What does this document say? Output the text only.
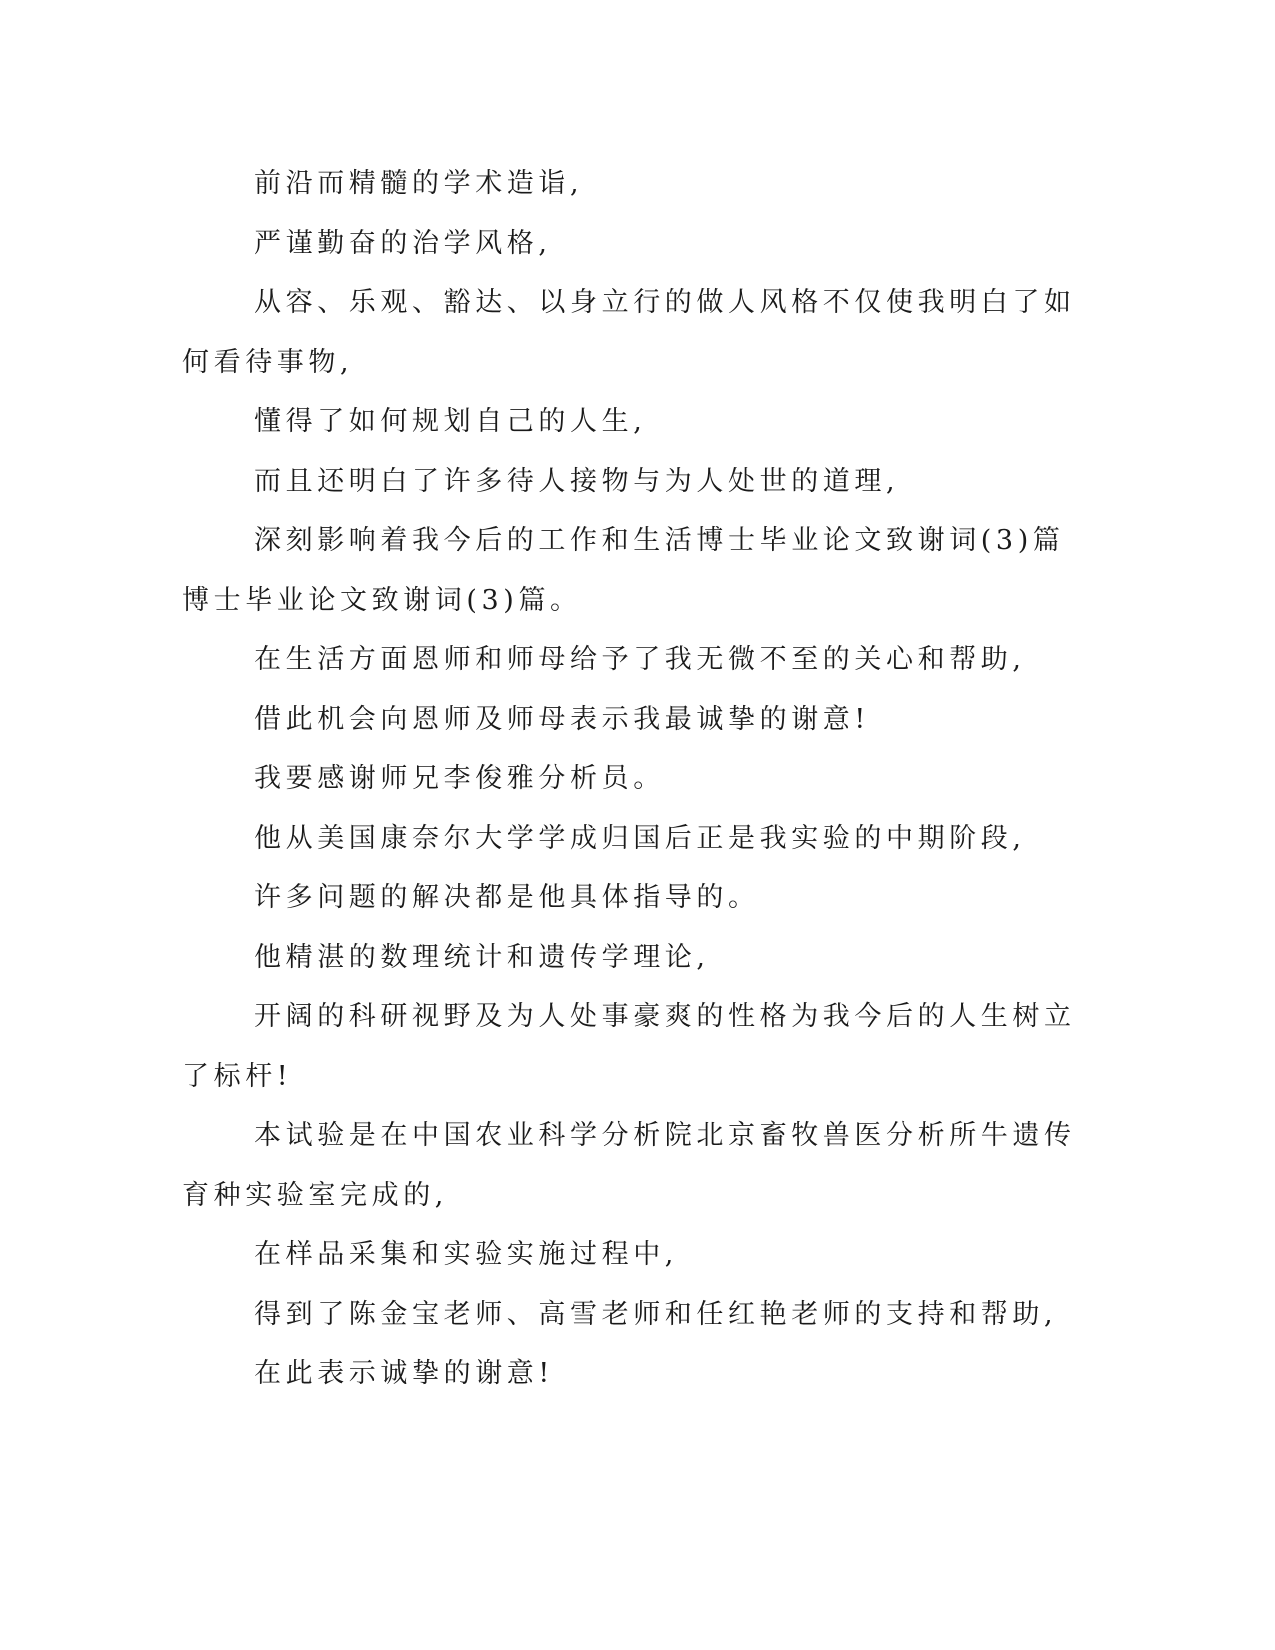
前沿而精髓的学术造诣,

严谨勤奋的治学风格,

从容、乐观、豁达、以身立行的做人风格不仅使我明白了如何看待事物,

懂得了如何规划自己的人生,

而且还明白了许多待人接物与为人处世的道理,

深刻影响着我今后的工作和生活博士毕业论文致谢词(3)篇博士毕业论文致谢词(3)篇。

在生活方面恩师和师母给予了我无微不至的关心和帮助,

借此机会向恩师及师母表示我最诚挚的谢意!

我要感谢师兄李俊雅分析员。

他从美国康奈尔大学学成归国后正是我实验的中期阶段,

许多问题的解决都是他具体指导的。

他精湛的数理统计和遗传学理论,

开阔的科研视野及为人处事豪爽的性格为我今后的人生树立了标杆!

本试验是在中国农业科学分析院北京畜牧兽医分析所牛遗传育种实验室完成的,

在样品采集和实验实施过程中,

得到了陈金宝老师、高雪老师和任红艳老师的支持和帮助,

在此表示诚挚的谢意!
